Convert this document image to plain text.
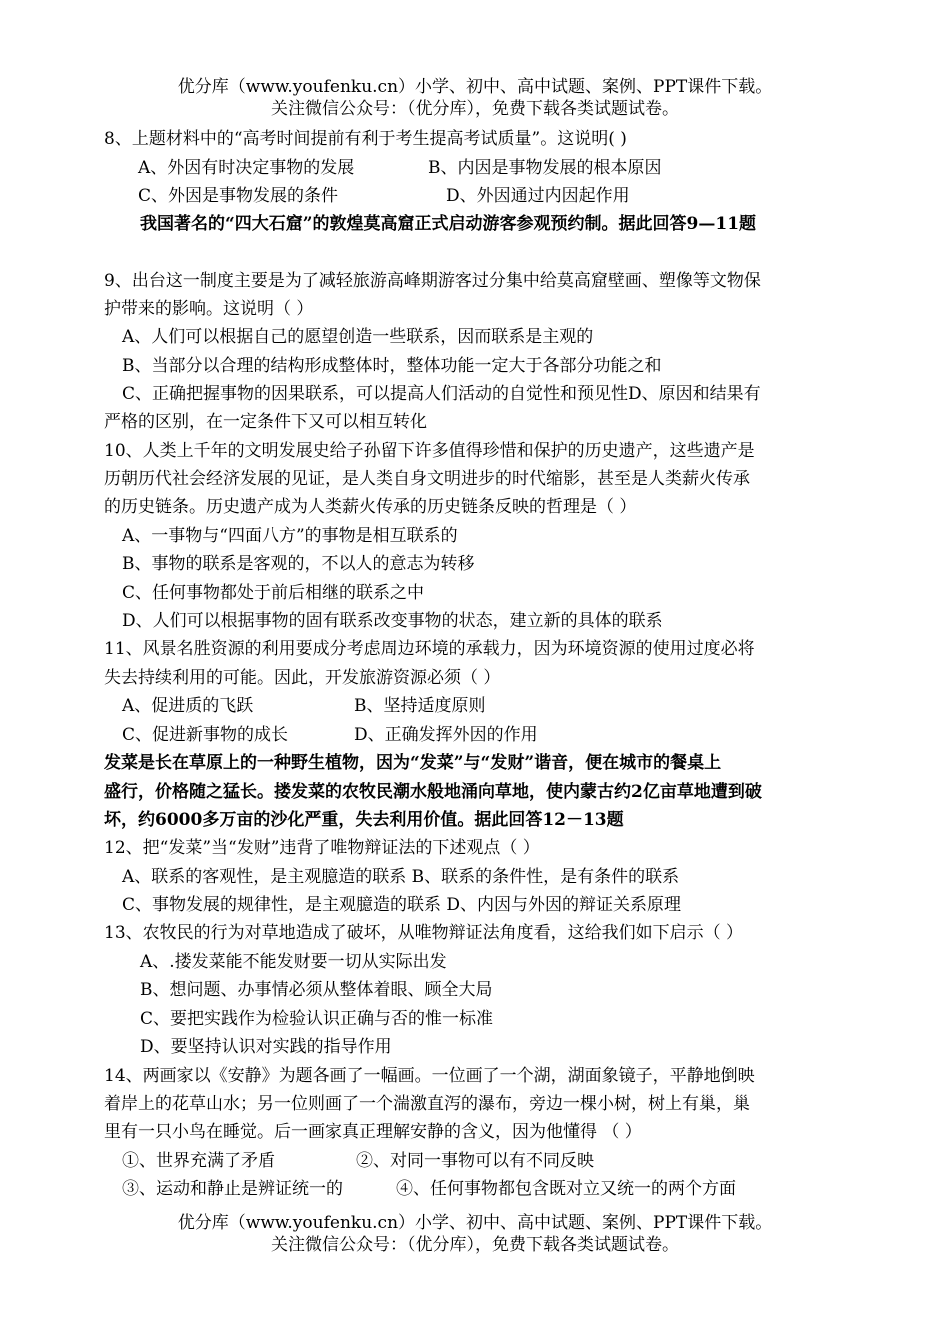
优分库（www.youfenku.cn）小学、初中、高中试题、案例、PPT课件下载。
关注微信公众号：（优分库），免费下载各类试题试卷。
8、上题材料中的“高考时间提前有利于考生提高考试质量”。这说明( )
A、外因有时决定事物的发展	B、内因是事物发展的根本原因
C、外因是事物发展的条件	D、外因通过内因起作用
我国著名的“四大石窟”的敦煌莫高窟正式启动游客参观预约制。据此回答9—11题
9、出台这一制度主要是为了减轻旅游高峰期游客过分集中给莫高窟壁画、塑像等文物保
护带来的影响。这说明（ ）
A、人们可以根据自己的愿望创造一些联系，因而联系是主观的
B、当部分以合理的结构形成整体时，整体功能一定大于各部分功能之和
C、正确把握事物的因果联系，可以提高人们活动的自觉性和预见性D、原因和结果有
严格的区别，在一定条件下又可以相互转化
10、人类上千年的文明发展史给子孙留下许多值得珍惜和保护的历史遗产，这些遗产是
历朝历代社会经济发展的见证，是人类自身文明进步的时代缩影，甚至是人类薪火传承
的历史链条。历史遗产成为人类薪火传承的历史链条反映的哲理是（ ）
A、一事物与“四面八方”的事物是相互联系的
B、事物的联系是客观的，不以人的意志为转移
C、任何事物都处于前后相继的联系之中
D、人们可以根据事物的固有联系改变事物的状态，建立新的具体的联系
11、风景名胜资源的利用要成分考虑周边环境的承载力，因为环境资源的使用过度必将
失去持续利用的可能。因此，开发旅游资源必须（ ）
A、促进质的飞跃	B、坚持适度原则
C、促进新事物的成长	D、正确发挥外因的作用
发菜是长在草原上的一种野生植物，因为“发菜”与“发财”谐音，便在城市的餐桌上
盛行，价格随之猛长。搂发菜的农牧民潮水般地涌向草地，使内蒙古约2亿亩草地遭到破
坏，约6000多万亩的沙化严重，失去利用价值。据此回答12－13题
12、把“发菜”当“发财”违背了唯物辩证法的下述观点（ ）
A、联系的客观性，是主观臆造的联系 B、联系的条件性，是有条件的联系
C、事物发展的规律性，是主观臆造的联系 D、内因与外因的辩证关系原理
13、农牧民的行为对草地造成了破坏，从唯物辩证法角度看，这给我们如下启示（ ）
A、.搂发菜能不能发财要一切从实际出发
B、想问题、办事情必须从整体着眼、顾全大局
C、要把实践作为检验认识正确与否的惟一标准
D、要坚持认识对实践的指导作用
14、两画家以《安静》为题各画了一幅画。一位画了一个湖，湖面象镜子，平静地倒映
着岸上的花草山水；另一位则画了一个湍激直泻的瀑布，旁边一棵小树，树上有巢，巢
里有一只小鸟在睡觉。后一画家真正理解安静的含义，因为他懂得 （ ）
①、世界充满了矛盾	②、对同一事物可以有不同反映
③、运动和静止是辨证统一的	④、任何事物都包含既对立又统一的两个方面
优分库（www.youfenku.cn）小学、初中、高中试题、案例、PPT课件下载。
关注微信公众号：（优分库），免费下载各类试题试卷。
